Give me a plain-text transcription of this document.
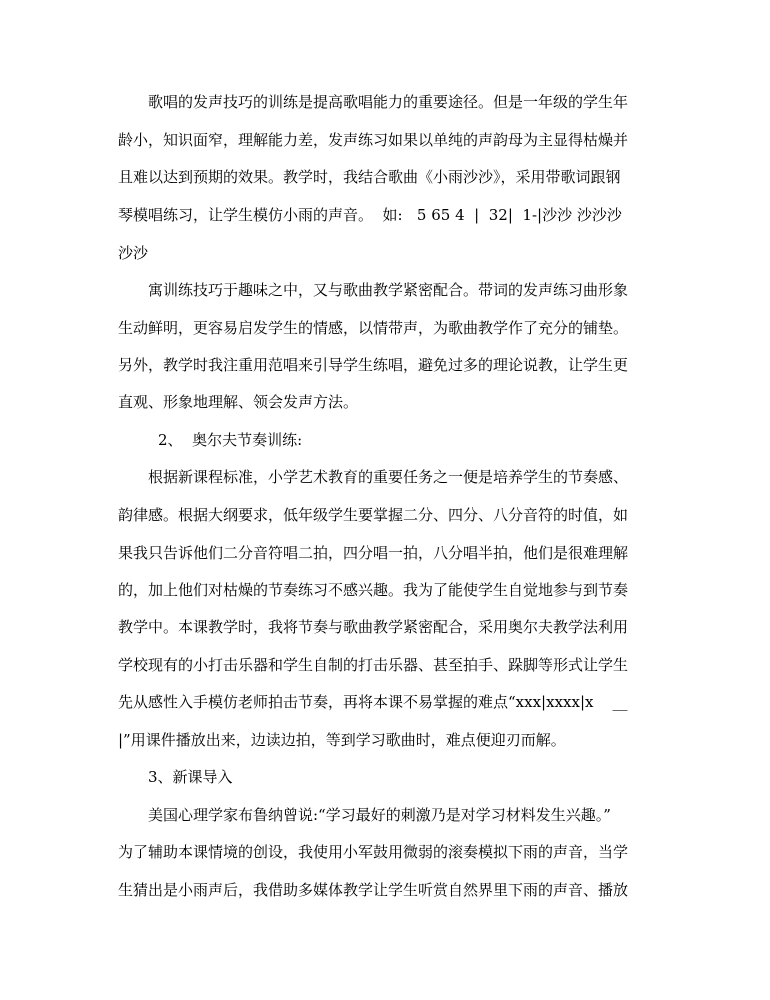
歌唱的发声技巧的训练是提高歌唱能力的重要途径。但是一年级的学生年
龄小，知识面窄，理解能力差，发声练习如果以单纯的声韵母为主显得枯燥并
且难以达到预期的效果。教学时，我结合歌曲《小雨沙沙》，采用带歌词跟钢
琴模唱练习，让学生模仿小雨的声音。  如:   5 65 4  |  32|  1-|沙沙 沙沙沙
沙沙
寓训练技巧于趣味之中，又与歌曲教学紧密配合。带词的发声练习曲形象
生动鲜明，更容易启发学生的情感，以情带声，为歌曲教学作了充分的铺垫。
另外，教学时我注重用范唱来引导学生练唱，避免过多的理论说教，让学生更
直观、形象地理解、领会发声方法。
2、  奥尔夫节奏训练:
根据新课程标准，小学艺术教育的重要任务之一便是培养学生的节奏感、
韵律感。根据大纲要求，低年级学生要掌握二分、四分、八分音符的时值，如
果我只告诉他们二分音符唱二拍，四分唱一拍，八分唱半拍，他们是很难理解
的，加上他们对枯燥的节奏练习不感兴趣。我为了能使学生自觉地参与到节奏
教学中。本课教学时，我将节奏与歌曲教学紧密配合，采用奥尔夫教学法利用
学校现有的小打击乐器和学生自制的打击乐器、甚至拍手、跺脚等形式让学生
先从感性入手模仿老师拍击节奏，再将本课不易掌握的难点“xxx|xxxx|x    __
|”用课件播放出来，边读边拍，等到学习歌曲时，难点便迎刃而解。
3、新课导入
美国心理学家布鲁纳曾说:“学习最好的刺激乃是对学习材料发生兴趣。”
为了辅助本课情境的创设，我使用小军鼓用微弱的滚奏模拟下雨的声音，当学
生猜出是小雨声后，我借助多媒体教学让学生听赏自然界里下雨的声音、播放
